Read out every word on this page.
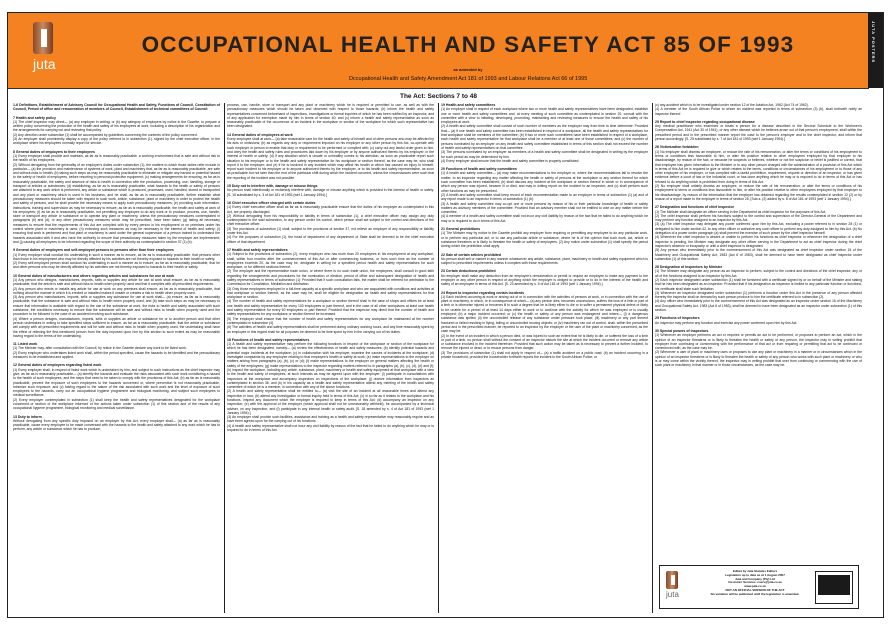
juta
OCCUPATIONAL HEALTH AND SAFETY ACT 85 OF 1993
as amended by
Occupational Health and Safety Amendment Act 181 of 1993 and Labour Relations Act 66 of 1995
JUTA POSTERS
The Act: Sections 7 to 48
1-6 Definitions, Establishment of Advisory Council for Occupational Health and Safety, Functions of Council, Constitution of Council, Period of office and remuneration of members of Council, Establishment of technical committees of Council
7 Health and safety policy

(1) The chief inspector may direct— (a) any employer in writing; or (b) any category of employers by notice in the Gazette, to prepare a written policy concerning the protection of the health and safety of his employees at work, including a description of his organization and the arrangements for carrying out and reviewing that policy.

(2) Any direction under subsection (1) shall be accompanied by guidelines concerning the contents of the policy concerned.

(3) An employer shall prominently display a copy of the policy referred to in subsection (1), signed by the chief executive officer, in the workplace where his employees normally report for service.

8 General duties of employers to their employees

(1) Every employer shall provide and maintain, as far as is reasonably practicable, a working environment that is safe and without risk to the health of his employees.

(2) Without derogating from the generality of an employer's duties under subsection (1), the matters to which those duties refer include in particular— (a) the provision and maintenance of systems of work, plant and machinery that, as far as is reasonably practicable, are safe and without risks to health; (b) taking such steps as may be reasonably practicable to eliminate or mitigate any hazard or potential hazard to the safety or health of employees, before resorting to personal protective equipment; (c) making arrangements for ensuring, as far as is reasonably practicable, the safety and absence of risks to health in connection with the production, processing, use, handling, storage or transport of articles or substances; (d) establishing, as far as is reasonably practicable, what hazards to the health or safety of persons are attached to any work which is performed, any article or substance which is produced, processed, used, handled, stored or transported and any plant or machinery which is used in his business, and he shall, as far as is reasonably practicable, further establish what precautionary measures should be taken with respect to such work, article, substance, plant or machinery in order to protect the health and safety of persons, and he shall provide the necessary means to apply such precautionary measures; (e) providing such information, instructions, training and supervision as may be necessary to ensure, as far as is reasonably practicable, the health and safety at work of his employees; (f) as far as is reasonably practicable, not permitting any employee to do any work or to produce, process, use, handle, store or transport any article or substance or to operate any plant or machinery, unless the precautionary measures contemplated in paragraphs (b) and (d), or any other precautionary measures which may be prescribed, have been taken; (g) taking all necessary measures to ensure that the requirements of this Act are complied with by every person in his employment or on premises under his control where plant or machinery is used; (h) enforcing such measures as may be necessary in the interest of health and safety; (i) ensuring that work is performed and that plant or machinery is used under the general supervision of a person trained to understand the hazards associated with it and who have the authority to ensure that precautionary measures taken by the employer are implemented; and (j) causing all employees to be informed regarding the scope of their authority as contemplated in section 37 (1) (b).

9 General duties of employers and self-employed persons to persons other than their employees

(1) Every employer shall conduct his undertaking in such a manner as to ensure, as far as is reasonably practicable, that persons other than those in his employment who may be directly affected by his activities are not thereby exposed to hazards to their health or safety.

(2) Every self-employed person shall conduct his undertaking in such a manner as to ensure, as far as is reasonably practicable, that he and other persons who may be directly affected by his activities are not thereby exposed to hazards to their health or safety.

10 General duties of manufacturers and others regarding articles and substances for use at work

(1) Any person who designs, manufactures, imports, sells or supplies any article for use at work shall ensure, as far as is reasonably practicable, that the article is safe and without risks to health when properly used and that it complies with all prescribed requirements.

(2) Any person who erects or installs any article for use at work on any premises shall ensure, as far as is reasonably practicable, that nothing about the manner in which it is erected or installed makes it unsafe or creates a risk to health when properly used.

(3) Any person who manufactures, imports, sells or supplies any substance for use at work shall— (a) ensure, as far as is reasonably practicable, that the substance is safe and without risks to health when properly used; and (b) take such steps as may be necessary to ensure that information is available with regard to the use of the substance at work, the risks to health and safety associated with such substance, the conditions necessary to ensure that the substance will be safe and without risks to health when properly used and the procedure to be followed in the case of an accident involving such substance.

(4) Where a person designs, manufactures, imports, sells or supplies an article or substance for or to another person and that other person undertakes in writing to take specified steps sufficient to ensure, as far as is reasonably practicable, that the article or substance will comply with all prescribed requirements and will be safe and without risks to health when properly used, the undertaking shall have the effect of relieving the first-mentioned person from the duty imposed upon him by this section to such extent as may be reasonable having regard to the terms of the undertaking.

11 Listed work

(1) The Minister may, after consultation with the Council, by notice in the Gazette declare any work to be listed work.

(2) Every employer who undertakes listed work shall, within the period specified, cause the hazards to be identified and the precautionary measures to be established and applied.

12 General duties of employers regarding listed work

(1) Every employer shall, in respect of listed work which is undertaken by him, and subject to such instructions as the chief inspector may give, as far as is reasonably practicable— (a) identify the hazards and evaluate the risks associated with such work constituting a hazard to the health of such employees, and the steps that need to be taken to comply with the provisions of this Act; (b) as far as is reasonably practicable, prevent the exposure of such employees to the hazards concerned or, where prevention is not reasonably practicable, minimize such exposure; and (c) having regard to the nature of the risk associated with such work and the level of exposure of such employees to the hazards, carry out an occupational hygiene programme and biological monitoring, and subject such employees to medical surveillance.

(2) Every employer contemplated in subsection (1) shall keep the health and safety representatives designated for the workplace concerned or section of the workplace informed of the actions taken under subsection (1) of this section and of the results of any occupational hygiene programme, biological monitoring and medical surveillance.

13 Duty to inform

Without derogating from any specific duty imposed on an employer by this Act, every employer shall— (a) as far as is reasonably practicable, cause every employee to be made conversant with the hazards to the health and safety attached to any work which he has to perform, any article or substance which he has to produce,

process, use, handle, store or transport and any plant or machinery which he is required or permitted to use, as well as with the precautionary measures which should be taken and observed with respect to those hazards; (b) inform the health and safety representatives concerned beforehand of inspections, investigations or formal inquiries of which he has been notified by an inspector, and of any application for exemption made by him in terms of section 40; and (c) inform a health and safety representative as soon as reasonably practicable of the occurrence of an incident in the workplace or section of the workplace for which such representative has been designated.

14 General duties of employees at work

Every employee shall at work— (a) take reasonable care for the health and safety of himself and of other persons who may be affected by his acts or omissions; (b) as regards any duty or requirement imposed on his employer or any other person by this Act, co-operate with such employer or person to enable that duty or requirement to be performed or complied with; (c) carry out any lawful order given to him, and obey the health and safety rules and procedures laid down by his employer or by anyone authorized thereto by his employer, in the interest of health or safety; (d) if any situation which is unsafe or unhealthy comes to his attention, as soon as practicable report such situation to his employer or to the health and safety representative for his workplace or section thereof, as the case may be, who shall report it to the employer; and (e) if he is involved in any incident which may affect his health or which has caused an injury to himself, report such incident to his employer or to anyone authorized thereto by the employer, or to his health and safety representative, as soon as practicable but not later than the end of the particular shift during which the incident occurred, unless the circumstances were such that the reporting of the incident was not possible.

15 Duty not to interfere with, damage or misuse things

No person shall intentionally or recklessly interfere with, damage or misuse anything which is provided in the interest of health or safety. [S. 15 substituted by s. 3 of Act 181 of 1993 (wef 1 January 1994).]

16 Chief executive officer charged with certain duties

(1) Every chief executive officer shall as far as is reasonably practicable ensure that the duties of his employer as contemplated in this Act, are properly discharged.

(2) Without derogating from his responsibility or liability in terms of subsection (1), a chief executive officer may assign any duty contemplated in the said subsection, to any person under his control, which person shall act subject to the control and directions of the chief executive officer.

(3) The provisions of subsection (1) shall, subject to the provisions of section 37, not relieve an employer of any responsibility or liability under this Act.

(4) For the purposes of subsection (1), the head of department of any department of State shall be deemed to be the chief executive officer of that department.

17 Health and safety representatives

(1) Subject to the provisions of subsection (2), every employer who has more than 20 employees in his employment at any workplace, shall, within four months after the commencement of this Act or after commencing business, or from such time as the number of employees exceeds 20, as the case may be, designate in writing for a specified period health and safety representatives for such workplace, or for different sections thereof.

(2) The employer and the representative trade union, or where there is no such trade union, the employees, shall consult in good faith regarding the arrangements and procedures for the nomination or election, period of office and subsequent designation of health and safety representatives in terms of subsection (1): Provided that if such consultation fails, the matter shall be referred for arbitration to the Commission for Conciliation, Mediation and Arbitration.

(3) Only those employees employed in a full-time capacity at a specific workplace and who are acquainted with conditions and activities at that workplace or section thereof, as the case may be, shall be eligible for designation as health and safety representatives for that workplace or section.

(4) The number of health and safety representatives for a workplace or section thereof shall in the case of shops and offices be at least one health and safety representative for every 100 employees or part thereof, and in the case of all other workplaces at least one health and safety representative for every 50 employees or part thereof: Provided that the inspector may direct that the number of health and safety representatives for any workplace or section thereof be increased.

(5) The employer shall ensure that the number of health and safety representatives for any workplace be maintained at the number contemplated in subsection (4).

(6) The activities of health and safety representatives shall be performed during ordinary working hours, and any time reasonably spent by an employee in this regard shall for all purposes be deemed to be time spent by him in the carrying out of his duties.

18 Functions of health and safety representatives

(1) A health and safety representative may perform the following functions in respect of the workplace or section of the workplace for which he has been designated, namely— (a) review the effectiveness of health and safety measures; (b) identify potential hazards and potential major incidents at the workplace; (c) in collaboration with his employer, examine the causes of incidents at the workplace; (d) investigate complaints by any employee relating to that employee's health or safety at work; (e) make representations to the employer on matters arising from paragraphs (a), (b), (c) or (d); (f) make representations to the employer on general matters affecting the health or safety of the employees; (g) make representations to the inspector regarding matters referred to in paragraphs (a), (b), (c), (d), (e) and (f); (h) inspect the workplace, including any article, substance, plant, machinery or health and safety equipment at that workplace with a view to the health and safety of employees, at such intervals as may be agreed upon with the employer; (i) participate in consultations with inspectors at the workplace and accompany inspectors on inspections of the workplace; (j) receive information from inspectors as contemplated in section 36; and (k) in his capacity as a health and safety representative attend any meeting of the health and safety committee of which he is a member, in connection with any of the above functions.

(2) A health and safety representative shall be entitled to— (a) visit the site of an incident at all reasonable times and attend any inspection in loco; (b) attend any investigation or formal inquiry held in terms of this Act; (c) in so far as it relates to the workplace and his functions, inspect any document which the employer is required to keep in terms of this Act; (d) accompany an inspector on any inspection; (e) with the approval of the employer (which approval shall not be unreasonably withheld), be accompanied by a technical adviser, on any inspection; and (f) participate in any internal health or safety audit. [S. 18 amended by s. 4 of Act 181 of 1993 (wef 1 January 1994).]

(3) An employer shall provide such facilities, assistance and training as a health and safety representative may reasonably require and as have been agreed upon for the carrying out of his functions.

(4) A health and safety representative shall not incur any civil liability by reason of the fact that he failed to do anything which he may or is required to do in terms of this Act.

19 Health and safety committees

(1) An employer shall in respect of each workplace where two or more health and safety representatives have been designated, establish one or more health and safety committees and, at every meeting of such committee as contemplated in section 20, consult with the committee with a view to initiating, developing, promoting, maintaining and reviewing measures to ensure the health and safety of his employees at work.

(2) A health and safety committee shall consist of such number of members as the employer may from time to time determine: Provided that— (a) if one health and safety committee has been established in respect of a workplace, all the health and safety representatives for that workplace shall be members of the committee; (b) if two or more such committees have been established in respect of a workplace, each health and safety representative for that workplace shall be a member of at least one of those committees; and (c) the number of persons nominated by an employer on any health and safety committee established in terms of this section shall not exceed the number of health and safety representatives on that committee.

(3) The persons nominated by an employer as members of a health and safety committee shall be designated in writing by the employer for such period as may be determined by him.

(4) Every employer shall ensure that the health and safety committee is properly constituted.

20 Functions of health and safety committees

(1) A health and safety committee— (a) may make recommendations to the employer or, where the recommendations fail to resolve the matter, to an inspector regarding any matter affecting the health or safety of persons at the workplace or any section thereof for which such committee has been established; (b) shall discuss any incident at the workplace or section thereof in which or in consequence of which any person was injured, became ill or died, and may in writing report on the incident to an inspector; and (c) shall perform such other functions as may be prescribed.

(2) A health and safety committee shall keep record of each recommendation made to an employer in terms of subsection (1) (a) and of any report made to an inspector in terms of subsection (1) (b).

(3) A health and safety committee may co-opt one or more persons by reason of his or their particular knowledge of health or safety matters as advisory members of the committee: Provided that an advisory member shall not be entitled to vote on any matter before the committee.

(4) A member of a health and safety committee shall not incur any civil liability by reason of the fact that he failed to do anything which he may or is required to do in terms of this Act.

21 General prohibitions

(1) The Minister may by notice in the Gazette prohibit any employer from requiring or permitting any employee to do any particular work, or to perform any particular act, or to use any particular article or substance, where he is of the opinion that such work, act, article or substance threatens or is likely to threaten the health or safety of employees. (2) Any notice under subsection (1) shall specify the period during which the prohibition shall apply.

22 Sale of certain articles prohibited

No person shall sell or market in any manner whatsoever any article, substance, plant, machinery or health and safety equipment which is subject to prescribed requirements unless it complies with those requirements.

23 Certain deductions prohibited

No employer shall make any deduction from an employee's remuneration or permit or require an employee to make any payment to the employer or any other person in respect of anything which the employer is obliged to provide or to do in the interest of the health and safety of an employee in terms of this Act. [S. 23 amended by s. 5 of Act 181 of 1993 (wef 1 January 1994).]

24 Report to inspector regarding certain incidents

(1) Each incident occurring at work or arising out of or in connection with the activities of persons at work, or in connection with the use of plant or machinery, in which, or in consequence of which— (a) any person dies, becomes unconscious, suffers the loss of a limb or part of a limb or is otherwise injured or becomes ill to such a degree that he is likely either to die or to suffer a permanent physical defect or likely to be unable for a period of at least 14 days either to work or to continue with the activity for which he was employed or is usually employed; (b) a major incident occurred; or (c) the health or safety of any person was endangered and where— (i) a dangerous substance was spilled; (ii) the uncontrolled release of any substance under pressure took place; (iii) machinery or any part thereof fractured or failed resulting in flying, falling or uncontrolled moving objects; or (iv) machinery ran out of control, shall, within the prescribed period and in the prescribed manner, be reported to an inspector by the employer or the user of the plant or machinery concerned, as the case may be.

(2) In the event of an incident in which a person died, or was injured to such an extent that he is likely to die, or suffered the loss of a limb or part of a limb, no person shall without the consent of an inspector disturb the site at which the incident occurred or remove any article or substance involved in the incident therefrom: Provided that such action may be taken as is necessary to prevent a further incident, to remove the injured or dead, or to rescue persons from danger.

(3) The provisions of subsection (1) shall not apply in respect of— (a) a traffic accident on a public road; (b) an incident occurring in a private household, provided the householder forthwith reports the incident to the South African Police; or

(c) any accident which is to be investigated under section 12 of the Aviation Act, 1962 (Act 74 of 1962).

(4) A member of the South African Police to whom an incident was reported in terms of subsection (3) (b), shall forthwith notify an inspector thereof.

25 Report to chief inspector regarding occupational disease

Any medical practitioner who examines or treats a person for a disease described in the Second Schedule to the Workmen's Compensation Act, 1941 (Act 30 of 1941), or any other disease which he believes arose out of that person's employment, shall within the prescribed period and in the prescribed manner report the case to the person's employer and to the chief inspector, and inform that person accordingly. [S. 25 substituted by s. 7 of Act 181 of 1993 (wef 1 January 1994).]

26 Victimization forbidden

(1) No employer shall dismiss an employee, or reduce the rate of his remuneration, or alter the terms or conditions of his employment to terms or conditions less favourable to him, or alter his position relative to other employees employed by that employer to his disadvantage, by reason of the fact, or because he suspects or believes, whether or not the suspicion or belief is justified or correct, that that employee has given information to the Minister or to any other person charged with the administration of a provision of this Act which in terms of this Act he is required to give or which relates to the terms, conditions or circumstances of his employment or to those of any other employee of his employer, or has complied with a lawful prohibition, requirement, request or direction of an inspector, or has given evidence before a court of law or the industrial court, or has done anything which he may or is required to do in terms of this Act or has refused to do anything which is prohibited from doing in terms of this Act.

(2) No employer shall unfairly dismiss an employee, or reduce the rate of his remuneration, or alter the terms or conditions of his employment to terms or conditions less favourable to him, or alter his position relative to other employees employed by that employer to his disadvantage, by reason of the information that the employer has obtained regarding the results contemplated in section 12 (2) or by reason of a report made to the employer in terms of section 25. [Sub-s. (2) added by s. 8 of Act 181 of 1993 (wef 1 January 1994).]

27 Designation and functions of chief inspector

(1) The Minister shall designate an officer serving in the Department as chief inspector for the purposes of this Act.

(2) The chief inspector shall perform his functions subject to the control and supervision of the Director-General of the Department and may perform any function assigned to an inspector by this Act.

(3) (a) The chief inspector may delegate any power conferred upon him by this Act, excluding a power referred to in section 28 (1) or delegated to him under section 42, to any other officer or authorize any such officer to perform any duty assigned to him by this Act. (b) No delegation of a power under paragraph (a) shall prevent the exercise of such power by the chief inspector himself.

(4) Whenever the chief inspector is absent or unable to perform his functions as chief inspector or whenever the designation of a chief inspector is pending, the Minister may designate any other officer serving in the Department to act as chief inspector during the chief inspector's absence or incapacity or until a chief inspector is designated.

(5) Any person who immediately prior to the commencement of this Act was designated as chief inspector under section 15 of the Machinery and Occupational Safety Act, 1983 (Act 6 of 1983), shall be deemed to have been designated as chief inspector under subsection (1) of this section.

28 Designation of inspectors by Minister

(1) The Minister may designate any person as an inspector to perform, subject to the control and directions of the chief inspector, any or all of the functions assigned to an inspector by this Act.

(2) Each inspector designated under subsection (1) shall be furnished with a certificate signed by or on behalf of the Minister and stating that he has been designated as an inspector: Provided that if his designation as inspector is limited to any particular function or functions, his certificate shall state such limitation.

(3) Whenever an inspector designated under subsection (1) performs a function under this Act in the presence of any person affected thereby the inspector shall on demand by such person produce to him the certificate referred to in subsection (2).

(4) Any officer who immediately prior to the commencement of this Act was designated as an inspector under section 16 of the Machinery and Occupational Safety Act, 1983 (Act 6 of 1983), shall be deemed to have been designated as an inspector under subsection (1) of this section.

29 Functions of inspectors

An inspector may perform any function and exercise any power conferred upon him by this Act.

30 Special powers of inspectors

(1) Whenever an employer performs an act or requires or permits an act to be performed, or proposes to perform an act, which in the opinion of an inspector threatens or is likely to threaten the health or safety of any person, the inspector may in writing prohibit that employer from continuing or commencing with the performance of that act or from requiring or permitting that act to be continued or commenced with, as the case may be.

(2) Whenever a user of plant or machinery uses or proposes to use any plant or machinery in a manner or in circumstances which in the opinion of an inspector threatens or is likely to threaten the health or safety of any person who works with such plant or machinery or who is or may come within the vicinity thereof, the inspector may in writing prohibit that user from continuing or commencing with the use of such plant or machinery in that manner or in those circumstances, as the case may be.

juta
Edited by Juta Statutes Editors
Legislation up to date as at 1 August 2007
Juta and Company (Pty) Ltd
Customer Services: cserv@juta.co.za
www.juta.co.za
NOT AN OFFICIAL VERSION OF THE ACT
No variation will be published until the legislation is amended.
